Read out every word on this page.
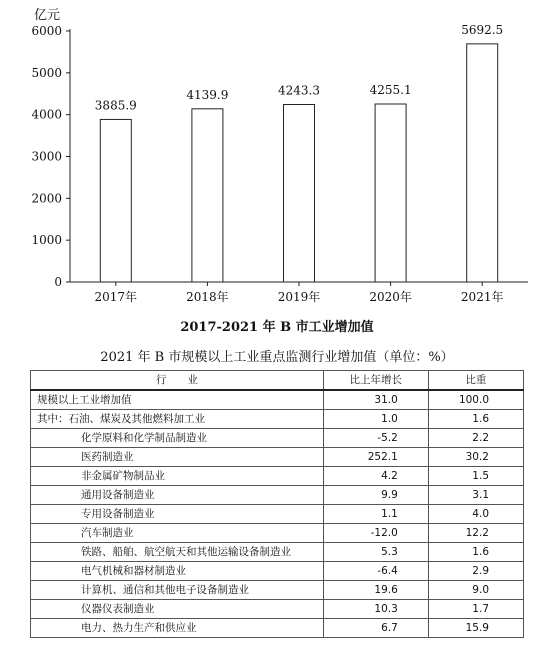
0
1000
2000
3000
4000
5000
6000
亿元
3885.9
2017年
4139.9
2018年
4243.3
2019年
4255.1
2020年
5692.5
2021年
2017-2021 年 B 市工业增加值
2021 年 B 市规模以上工业重点监测行业增加值（单位：%）
行　　业	比上年增长	比重
规模以上工业增加值	31.0	100.0
其中：石油、煤炭及其他燃料加工业	1.0	1.6
化学原料和化学制品制造业	-5.2	2.2
医药制造业	252.1	30.2
非金属矿物制品业	4.2	1.5
通用设备制造业	9.9	3.1
专用设备制造业	1.1	4.0
汽车制造业	-12.0	12.2
铁路、船舶、航空航天和其他运输设备制造业	5.3	1.6
电气机械和器材制造业	-6.4	2.9
计算机、通信和其他电子设备制造业	19.6	9.0
仪器仪表制造业	10.3	1.7
电力、热力生产和供应业	6.7	15.9
